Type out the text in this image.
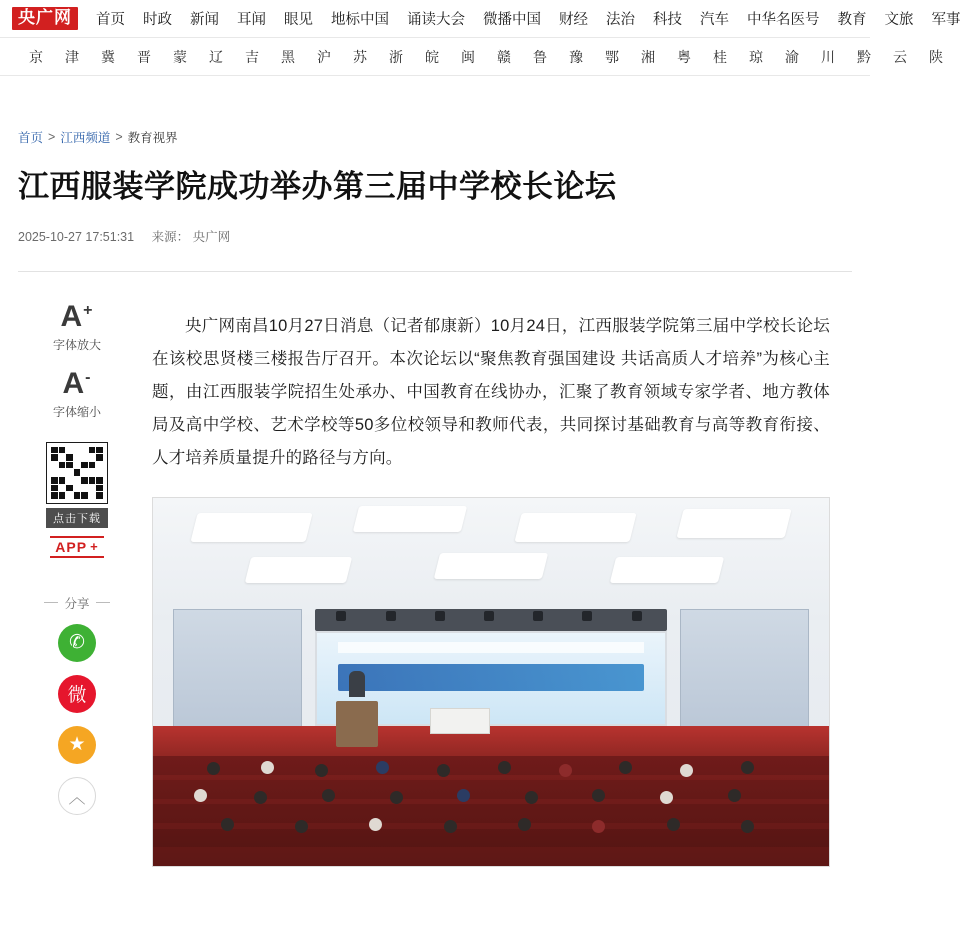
央广网	首页 时政 新闻 耳闻 眼见 地标中国 诵读大会 微播中国 财经 法治 科技 汽车 中华名医号 教育 文旅 军事
京	津	冀	晋	蒙	辽	吉	黑	沪	苏	浙	皖	闽	赣	鲁	豫	鄂	湘	粤	桂	琼	渝	川	黔	云	陕
首页 > 江西频道 > 教育视界
江西服装学院成功举办第三届中学校长论坛
2025-10-27 17:51:31 来源： 央广网
A+
字体放大
A-
字体缩小
点击下载
APP +
分享
✆
微
★
︿

央广网南昌10月27日消息（记者郁康新）10月24日，江西服装学院第三届中学校长论坛在该校思贤楼三楼报告厅召开。本次论坛以“聚焦教育强国建设 共话高质人才培养”为核心主题，由江西服装学院招生处承办、中国教育在线协办，汇聚了教育领域专家学者、地方教体局及高中学校、艺术学校等50多位校领导和教师代表，共同探讨基础教育与高等教育衔接、人才培养质量提升的路径与方向。
